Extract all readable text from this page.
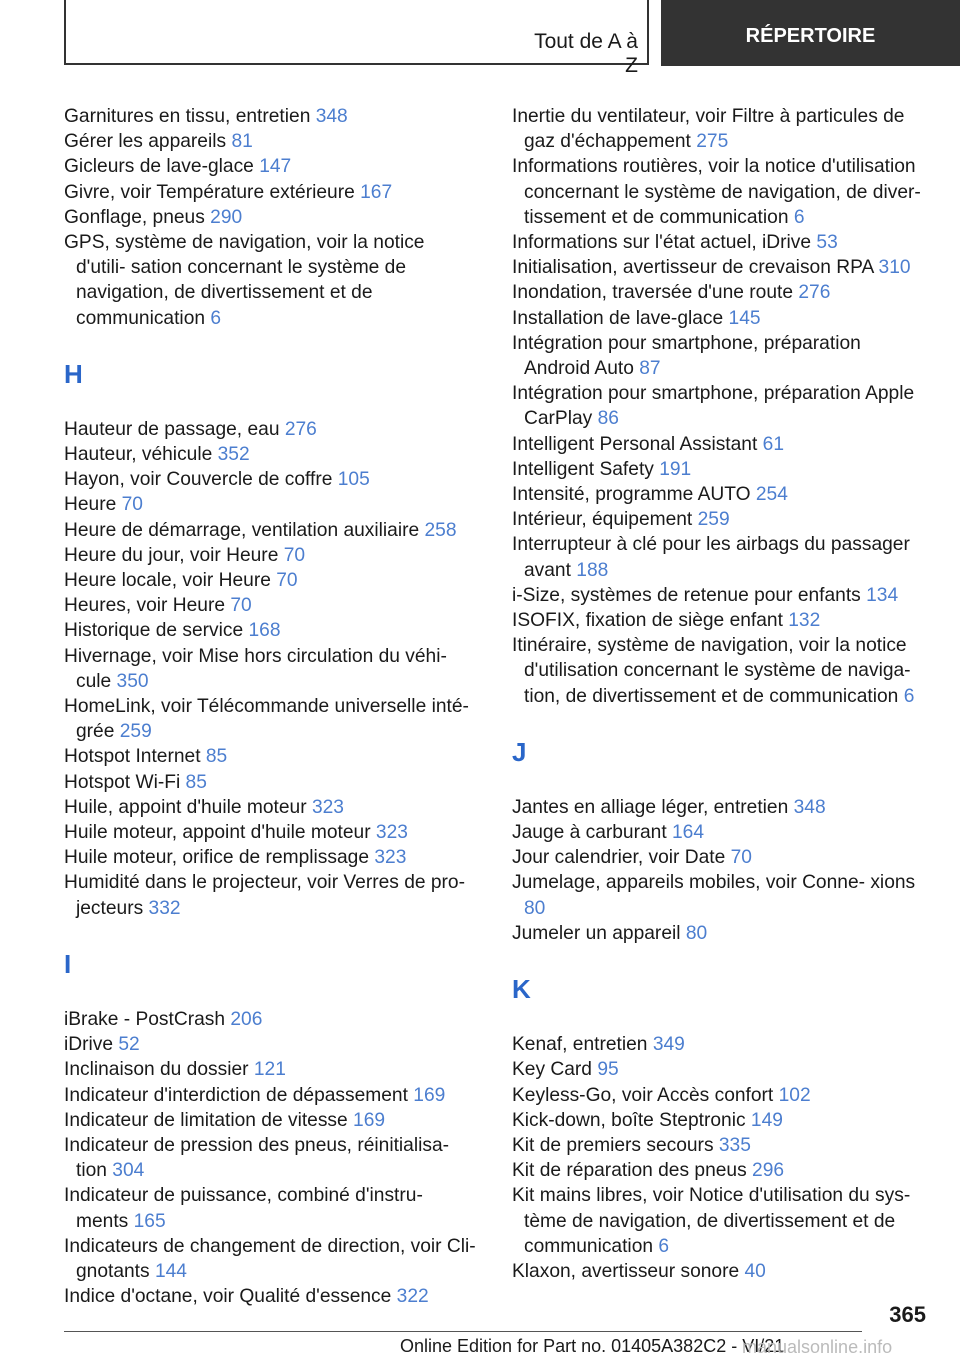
Tout de A à Z
RÉPERTOIRE
Garnitures en tissu, entretien 348
Gérer les appareils 81
Gicleurs de lave‑glace 147
Givre, voir Température extérieure 167
Gonflage, pneus 290
GPS, système de navigation, voir la notice d'utili‑ sation concernant le système de navigation, de divertissement et de communication 6
H
Hauteur de passage, eau 276
Hauteur, véhicule 352
Hayon, voir Couvercle de coffre 105
Heure 70
Heure de démarrage, ventilation auxiliaire 258
Heure du jour, voir Heure 70
Heure locale, voir Heure 70
Heures, voir Heure 70
Historique de service 168
Hivernage, voir Mise hors circulation du véhi‑ cule 350
HomeLink, voir Télécommande universelle inté‑ grée 259
Hotspot Internet 85
Hotspot Wi‑Fi 85
Huile, appoint d'huile moteur 323
Huile moteur, appoint d'huile moteur 323
Huile moteur, orifice de remplissage 323
Humidité dans le projecteur, voir Verres de pro‑ jecteurs 332
I
iBrake ‑ PostCrash 206
iDrive 52
Inclinaison du dossier 121
Indicateur d'interdiction de dépassement 169
Indicateur de limitation de vitesse 169
Indicateur de pression des pneus, réinitialisa‑ tion 304
Indicateur de puissance, combiné d'instru‑ ments 165
Indicateurs de changement de direction, voir Cli‑ gnotants 144
Indice d'octane, voir Qualité d'essence 322
Inertie du ventilateur, voir Filtre à particules de gaz d'échappement 275
Informations routières, voir la notice d'utilisation concernant le système de navigation, de diver‑ tissement et de communication 6
Informations sur l'état actuel, iDrive 53
Initialisation, avertisseur de crevaison RPA 310
Inondation, traversée d'une route 276
Installation de lave‑glace 145
Intégration pour smartphone, préparation Android Auto 87
Intégration pour smartphone, préparation Apple CarPlay 86
Intelligent Personal Assistant 61
Intelligent Safety 191
Intensité, programme AUTO 254
Intérieur, équipement 259
Interrupteur à clé pour les airbags du passager avant 188
i‑Size, systèmes de retenue pour enfants 134
ISOFIX, fixation de siège enfant 132
Itinéraire, système de navigation, voir la notice d'utilisation concernant le système de naviga‑ tion, de divertissement et de communication 6
J
Jantes en alliage léger, entretien 348
Jauge à carburant 164
Jour calendrier, voir Date 70
Jumelage, appareils mobiles, voir Conne‑ xions 80
Jumeler un appareil 80
K
Kenaf, entretien 349
Key Card 95
Keyless‑Go, voir Accès confort 102
Kick‑down, boîte Steptronic 149
Kit de premiers secours 335
Kit de réparation des pneus 296
Kit mains libres, voir Notice d'utilisation du sys‑ tème de navigation, de divertissement et de communication 6
Klaxon, avertisseur sonore 40
365
Online Edition for Part no. 01405A382C2 - VI/21
manualsonline.info
